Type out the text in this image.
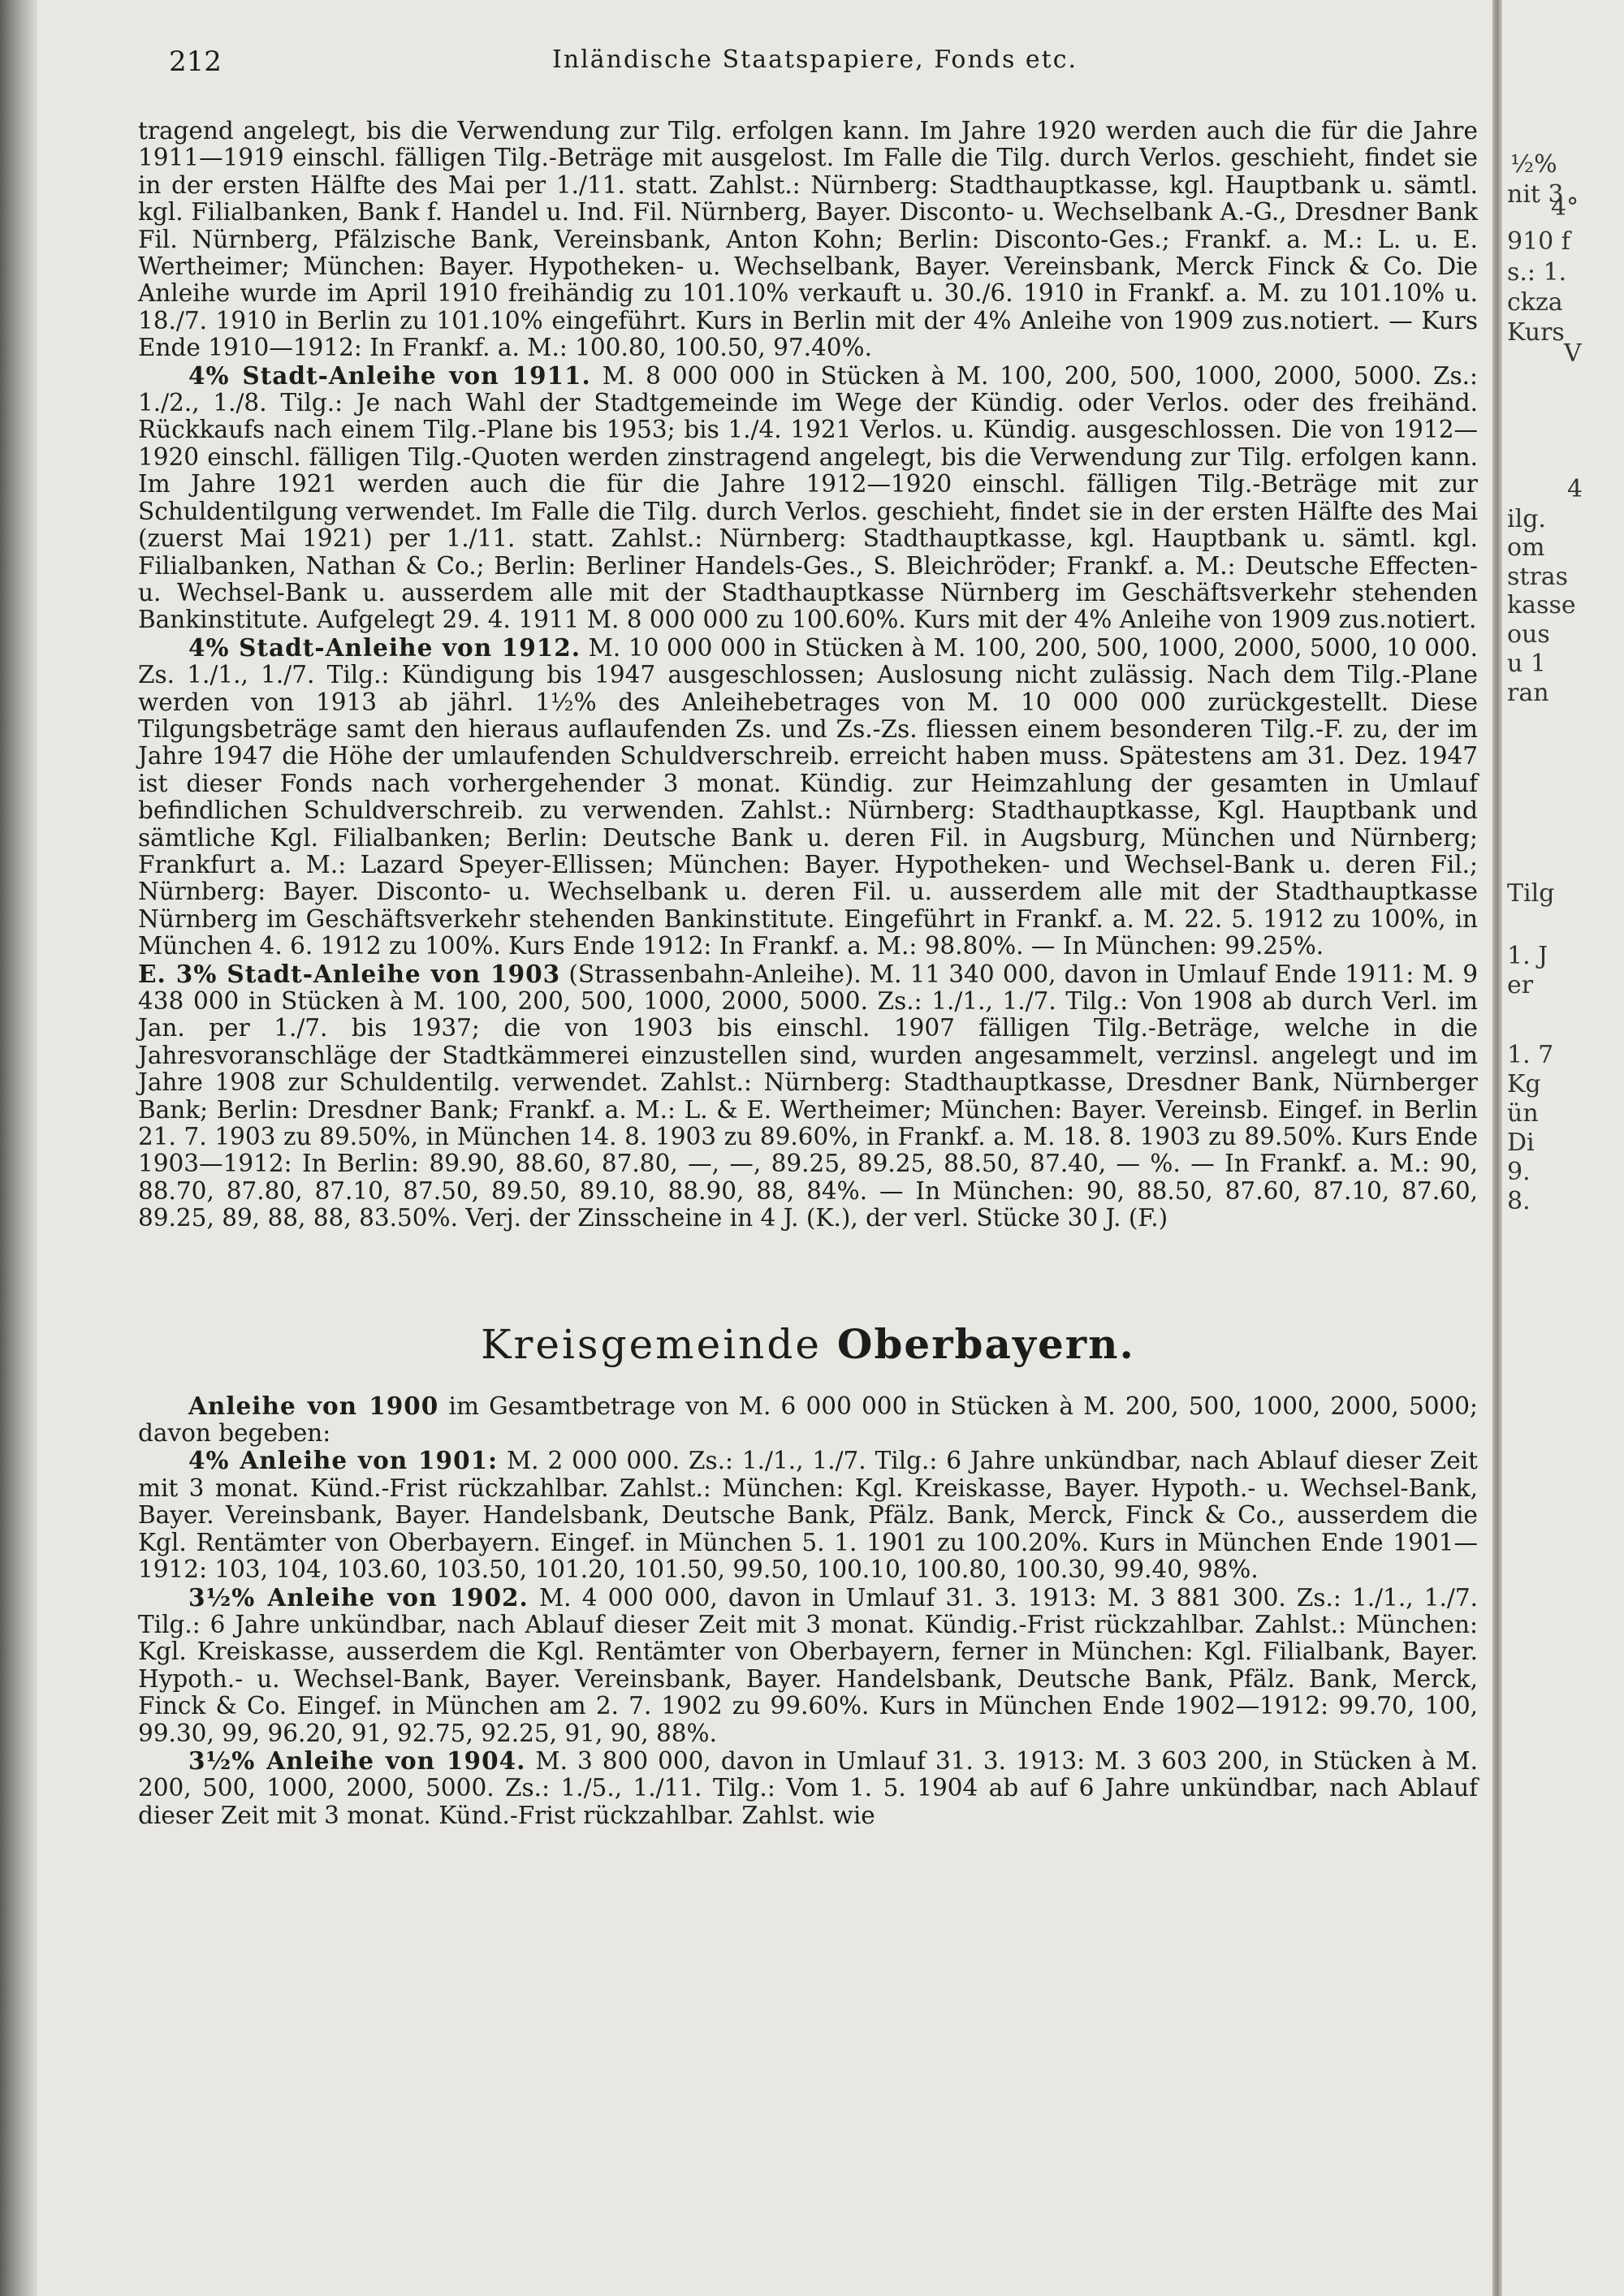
212	Inländische Staatspapiere, Fonds etc.

tragend angelegt, bis die Verwendung zur Tilg. erfolgen kann. Im Jahre 1920 werden auch die für die Jahre 1911—1919 einschl. fälligen Tilg.-Beträge mit ausgelost. Im Falle die Tilg. durch Verlos. geschieht, findet sie in der ersten Hälfte des Mai per 1./11. statt. Zahlst.: Nürnberg: Stadthauptkasse, kgl. Hauptbank u. sämtl. kgl. Filialbanken, Bank f. Handel u. Ind. Fil. Nürnberg, Bayer. Disconto- u. Wechselbank A.-G., Dresdner Bank Fil. Nürnberg, Pfälzische Bank, Vereinsbank, Anton Kohn; Berlin: Disconto-Ges.; Frankf. a. M.: L. u. E. Wertheimer; München: Bayer. Hypotheken- u. Wechselbank, Bayer. Vereinsbank, Merck Finck & Co. Die Anleihe wurde im April 1910 freihändig zu 101.10% verkauft u. 30./6. 1910 in Frankf. a. M. zu 101.10% u. 18./7. 1910 in Berlin zu 101.10% eingeführt. Kurs in Berlin mit der 4% Anleihe von 1909 zus.notiert. — Kurs Ende 1910—1912: In Frankf. a. M.: 100.80, 100.50, 97.40%.

4% Stadt-Anleihe von 1911. M. 8 000 000 in Stücken à M. 100, 200, 500, 1000, 2000, 5000. Zs.: 1./2., 1./8. Tilg.: Je nach Wahl der Stadtgemeinde im Wege der Kündig. oder Verlos. oder des freihänd. Rückkaufs nach einem Tilg.-Plane bis 1953; bis 1./4. 1921 Verlos. u. Kündig. ausgeschlossen. Die von 1912—1920 einschl. fälligen Tilg.-Quoten werden zinstragend angelegt, bis die Verwendung zur Tilg. erfolgen kann. Im Jahre 1921 werden auch die für die Jahre 1912—1920 einschl. fälligen Tilg.-Beträge mit zur Schuldentilgung verwendet. Im Falle die Tilg. durch Verlos. geschieht, findet sie in der ersten Hälfte des Mai (zuerst Mai 1921) per 1./11. statt. Zahlst.: Nürnberg: Stadthauptkasse, kgl. Hauptbank u. sämtl. kgl. Filialbanken, Nathan & Co.; Berlin: Berliner Handels-Ges., S. Bleichröder; Frankf. a. M.: Deutsche Effecten- u. Wechsel-Bank u. ausserdem alle mit der Stadthauptkasse Nürnberg im Geschäftsverkehr stehenden Bankinstitute. Aufgelegt 29. 4. 1911 M. 8 000 000 zu 100.60%. Kurs mit der 4% Anleihe von 1909 zus.notiert.

4% Stadt-Anleihe von 1912. M. 10 000 000 in Stücken à M. 100, 200, 500, 1000, 2000, 5000, 10 000. Zs. 1./1., 1./7. Tilg.: Kündigung bis 1947 ausgeschlossen; Auslosung nicht zulässig. Nach dem Tilg.-Plane werden von 1913 ab jährl. 1½% des Anleihebetrages von M. 10 000 000 zurückgestellt. Diese Tilgungsbeträge samt den hieraus auflaufenden Zs. und Zs.-Zs. fliessen einem besonderen Tilg.-F. zu, der im Jahre 1947 die Höhe der umlaufenden Schuldverschreib. erreicht haben muss. Spätestens am 31. Dez. 1947 ist dieser Fonds nach vorhergehender 3 monat. Kündig. zur Heimzahlung der gesamten in Umlauf befindlichen Schuldverschreib. zu verwenden. Zahlst.: Nürnberg: Stadthauptkasse, Kgl. Hauptbank und sämtliche Kgl. Filialbanken; Berlin: Deutsche Bank u. deren Fil. in Augsburg, München und Nürnberg; Frankfurt a. M.: Lazard Speyer-Ellissen; München: Bayer. Hypotheken- und Wechsel-Bank u. deren Fil.; Nürnberg: Bayer. Disconto- u. Wechselbank u. deren Fil. u. ausserdem alle mit der Stadthauptkasse Nürnberg im Geschäftsverkehr stehenden Bankinstitute. Eingeführt in Frankf. a. M. 22. 5. 1912 zu 100%, in München 4. 6. 1912 zu 100%. Kurs Ende 1912: In Frankf. a. M.: 98.80%. — In München: 99.25%.

E. 3% Stadt-Anleihe von 1903 (Strassenbahn-Anleihe). M. 11 340 000, davon in Umlauf Ende 1911: M. 9 438 000 in Stücken à M. 100, 200, 500, 1000, 2000, 5000. Zs.: 1./1., 1./7. Tilg.: Von 1908 ab durch Verl. im Jan. per 1./7. bis 1937; die von 1903 bis einschl. 1907 fälligen Tilg.-Beträge, welche in die Jahresvoranschläge der Stadtkämmerei einzustellen sind, wurden angesammelt, verzinsl. angelegt und im Jahre 1908 zur Schuldentilg. verwendet. Zahlst.: Nürnberg: Stadthauptkasse, Dresdner Bank, Nürnberger Bank; Berlin: Dresdner Bank; Frankf. a. M.: L. & E. Wertheimer; München: Bayer. Vereinsb. Eingef. in Berlin 21. 7. 1903 zu 89.50%, in München 14. 8. 1903 zu 89.60%, in Frankf. a. M. 18. 8. 1903 zu 89.50%. Kurs Ende 1903—1912: In Berlin: 89.90, 88.60, 87.80, —, —, 89.25, 89.25, 88.50, 87.40, — %. — In Frankf. a. M.: 90, 88.70, 87.80, 87.10, 87.50, 89.50, 89.10, 88.90, 88, 84%. — In München: 90, 88.50, 87.60, 87.10, 87.60, 89.25, 89, 88, 88, 83.50%. Verj. der Zinsscheine in 4 J. (K.), der verl. Stücke 30 J. (F.)

Kreisgemeinde Oberbayern.

Anleihe von 1900 im Gesamtbetrage von M. 6 000 000 in Stücken à M. 200, 500, 1000, 2000, 5000; davon begeben:

4% Anleihe von 1901: M. 2 000 000. Zs.: 1./1., 1./7. Tilg.: 6 Jahre unkündbar, nach Ablauf dieser Zeit mit 3 monat. Künd.-Frist rückzahlbar. Zahlst.: München: Kgl. Kreiskasse, Bayer. Hypoth.- u. Wechsel-Bank, Bayer. Vereinsbank, Bayer. Handelsbank, Deutsche Bank, Pfälz. Bank, Merck, Finck & Co., ausserdem die Kgl. Rentämter von Oberbayern. Eingef. in München 5. 1. 1901 zu 100.20%. Kurs in München Ende 1901—1912: 103, 104, 103.60, 103.50, 101.20, 101.50, 99.50, 100.10, 100.80, 100.30, 99.40, 98%.

3½% Anleihe von 1902. M. 4 000 000, davon in Umlauf 31. 3. 1913: M. 3 881 300. Zs.: 1./1., 1./7. Tilg.: 6 Jahre unkündbar, nach Ablauf dieser Zeit mit 3 monat. Kündig.-Frist rückzahlbar. Zahlst.: München: Kgl. Kreiskasse, ausserdem die Kgl. Rentämter von Oberbayern, ferner in München: Kgl. Filialbank, Bayer. Hypoth.- u. Wechsel-Bank, Bayer. Vereinsbank, Bayer. Handelsbank, Deutsche Bank, Pfälz. Bank, Merck, Finck & Co. Eingef. in München am 2. 7. 1902 zu 99.60%. Kurs in München Ende 1902—1912: 99.70, 100, 99.30, 99, 96.20, 91, 92.75, 92.25, 91, 90, 88%.

3½% Anleihe von 1904. M. 3 800 000, davon in Umlauf 31. 3. 1913: M. 3 603 200, in Stücken à M. 200, 500, 1000, 2000, 5000. Zs.: 1./5., 1./11. Tilg.: Vom 1. 5. 1904 ab auf 6 Jahre unkündbar, nach Ablauf dieser Zeit mit 3 monat. Künd.-Frist rückzahlbar. Zahlst. wie

½%
nit 3
4°
910 f
s.: 1.
ckza
Kurs
V
4
ilg.
om
stras
kasse
ous
u 1
ran
Tilg
1. J
er
1. 7
Kg
ün
Di
9.
8.
